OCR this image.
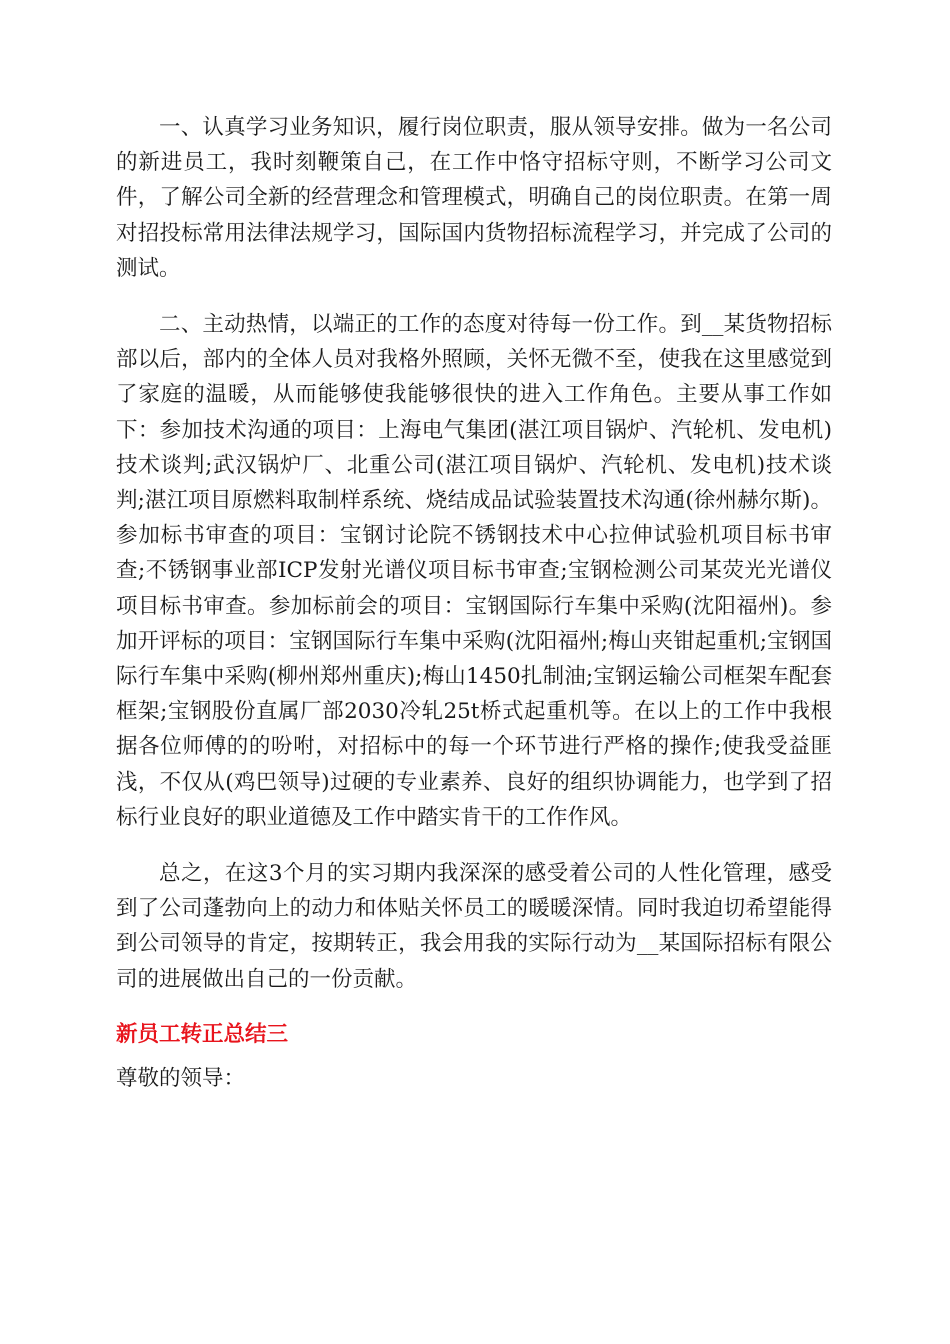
一、认真学习业务知识，履行岗位职责，服从领导安排。做为一名公司的新进员工，我时刻鞭策自己，在工作中恪守招标守则，不断学习公司文件，了解公司全新的经营理念和管理模式，明确自己的岗位职责。在第一周对招投标常用法律法规学习，国际国内货物招标流程学习，并完成了公司的测试。

二、主动热情，以端正的工作的态度对待每一份工作。到__某货物招标部以后，部内的全体人员对我格外照顾，关怀无微不至，使我在这里感觉到了家庭的温暖，从而能够使我能够很快的进入工作角色。主要从事工作如下：参加技术沟通的项目：上海电气集团(湛江项目锅炉、汽轮机、发电机)技术谈判;武汉锅炉厂、北重公司(湛江项目锅炉、汽轮机、发电机)技术谈判;湛江项目原燃料取制样系统、烧结成品试验装置技术沟通(徐州赫尔斯)。参加标书审查的项目：宝钢讨论院不锈钢技术中心拉伸试验机项目标书审查;不锈钢事业部ICP发射光谱仪项目标书审查;宝钢检测公司某荧光光谱仪项目标书审查。参加标前会的项目：宝钢国际行车集中采购(沈阳福州)。参加开评标的项目：宝钢国际行车集中采购(沈阳福州;梅山夹钳起重机;宝钢国际行车集中采购(柳州郑州重庆);梅山1450扎制油;宝钢运输公司框架车配套框架;宝钢股份直属厂部2030冷轧25t桥式起重机等。在以上的工作中我根据各位师傅的的吩咐，对招标中的每一个环节进行严格的操作;使我受益匪浅，不仅从(鸡巴领导)过硬的专业素养、良好的组织协调能力，也学到了招标行业良好的职业道德及工作中踏实肯干的工作作风。

总之，在这3个月的实习期内我深深的感受着公司的人性化管理，感受到了公司蓬勃向上的动力和体贴关怀员工的暖暖深情。同时我迫切希望能得到公司领导的肯定，按期转正，我会用我的实际行动为__某国际招标有限公司的进展做出自己的一份贡献。

新员工转正总结三

尊敬的领导：
